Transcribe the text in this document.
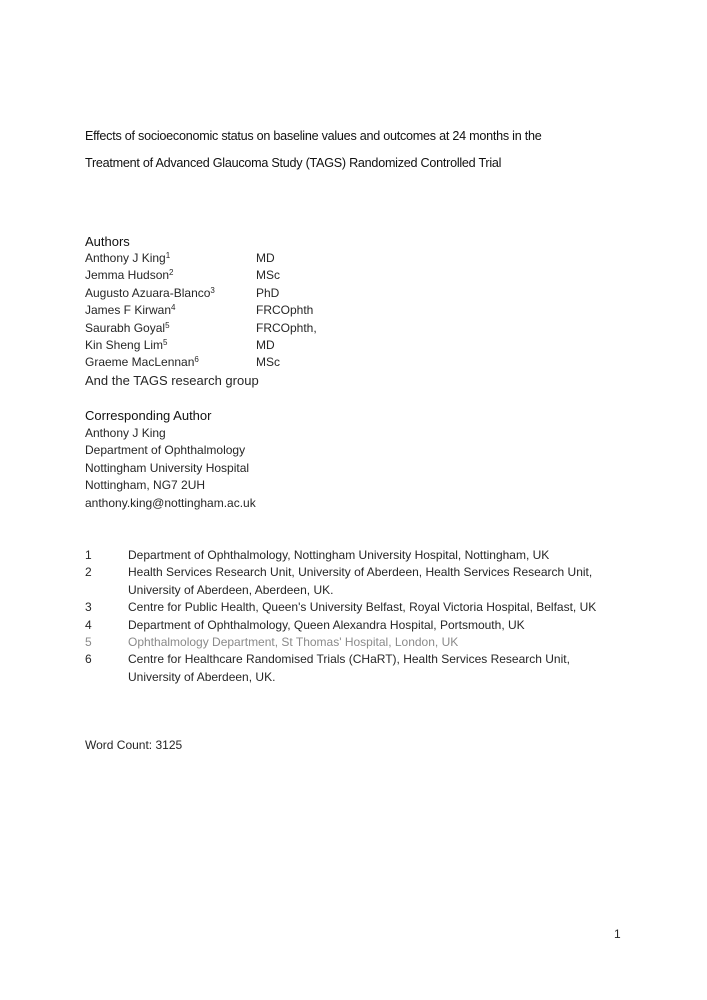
Effects of socioeconomic status on baseline values and outcomes at 24 months in the
Treatment of Advanced Glaucoma Study (TAGS) Randomized Controlled Trial
Authors
Anthony J King$^1$	MD
Jemma Hudson$^2$	MSc
Augusto Azuara-Blanco$^3$	PhD
James F Kirwan$^4$	FRCOphth
Saurabh Goyal$^5$	FRCOphth,
Kin Sheng Lim$^5$	MD
Graeme MacLennan$^6$	MSc
And the TAGS research group
Corresponding Author
Anthony J King
Department of Ophthalmology
Nottingham University Hospital
Nottingham, NG7 2UH
anthony.king@nottingham.ac.uk
1	Department of Ophthalmology, Nottingham University Hospital, Nottingham, UK
2	Health Services Research Unit, University of Aberdeen, Health Services Research Unit, University of Aberdeen, Aberdeen, UK.
3	Centre for Public Health, Queen's University Belfast, Royal Victoria Hospital, Belfast, UK
4	Department of Ophthalmology, Queen Alexandra Hospital, Portsmouth, UK
5	Ophthalmology Department, St Thomas' Hospital, London, UK
6	Centre for Healthcare Randomised Trials (CHaRT), Health Services Research Unit, University of Aberdeen, UK.
Word Count: 3125
1
